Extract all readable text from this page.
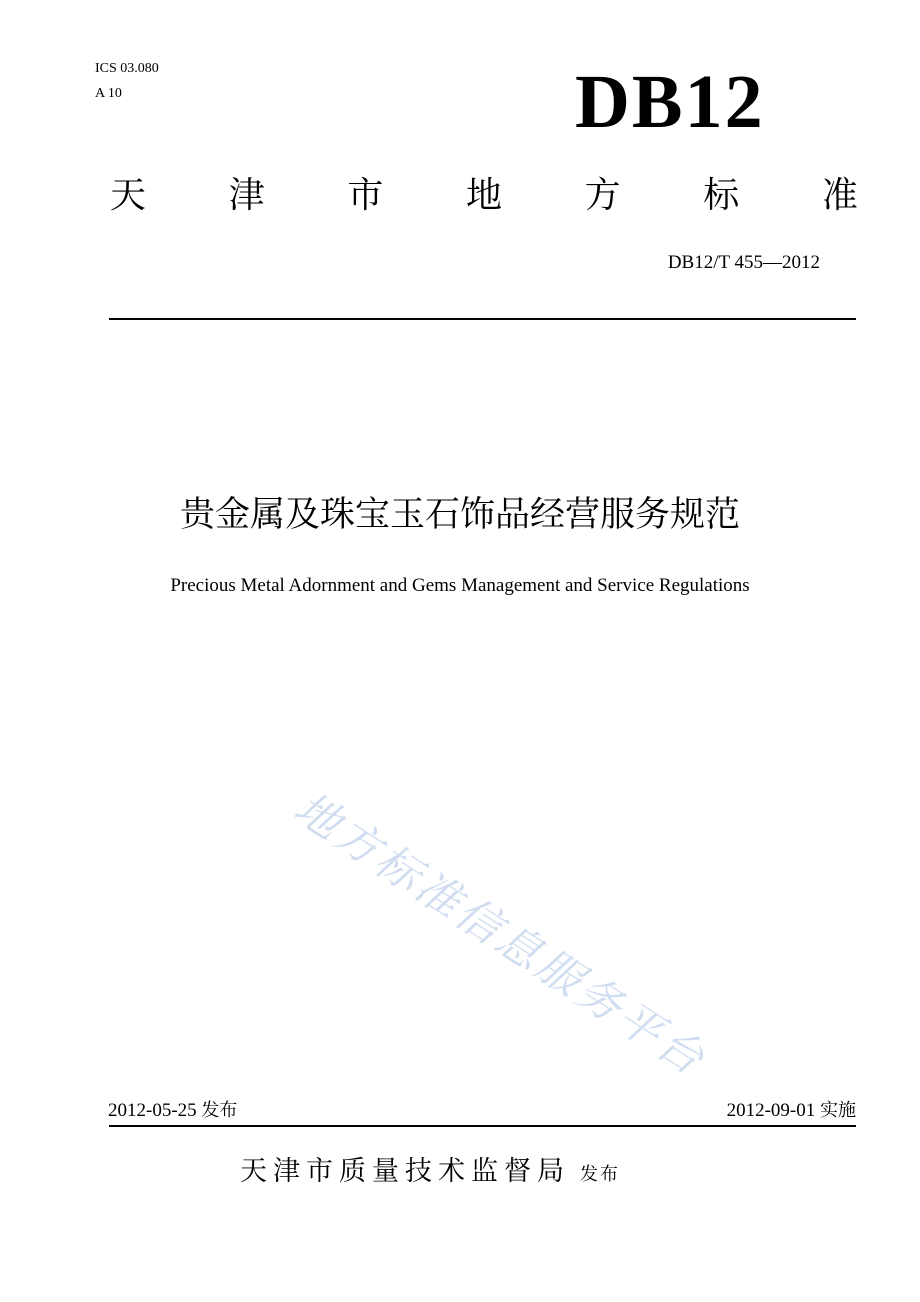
ICS 03.080
A 10	DB12
天 津 市 地 方 标 准
DB12/T 455—2012
贵金属及珠宝玉石饰品经营服务规范
Precious Metal Adornment and Gems Management and Service Regulations
地方标准信息服务平台
2012-05-25 发布	2012-09-01 实施
天津市质量技术监督局 发布
